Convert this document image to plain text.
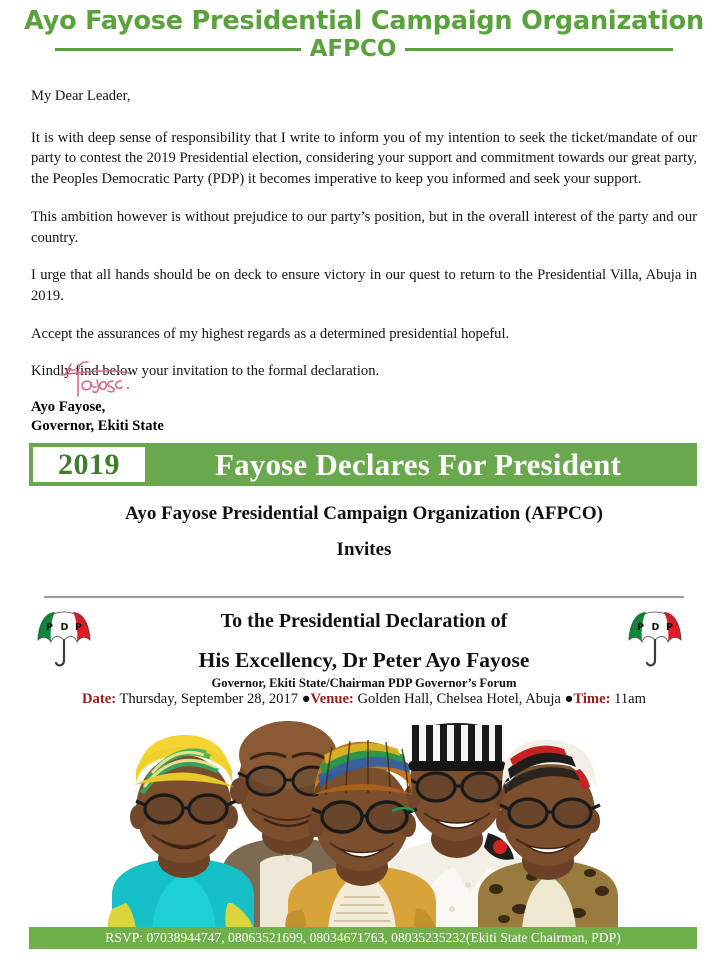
Ayo Fayose Presidential Campaign Organization
AFPCO

My Dear Leader,

It is with deep sense of responsibility that I write to inform you of my intention to seek the ticket/mandate of our party to contest the 2019 Presidential election, considering your support and commitment towards our great party, the Peoples Democratic Party (PDP) it becomes imperative to keep you informed and seek your support.

This ambition however is without prejudice to our party’s position, but in the overall interest of the party and our country.

I urge that all hands should be on deck to ensure victory in our quest to return to the Presidential Villa, Abuja in 2019.

Accept the assurances of my highest regards as a determined presidential hopeful.

Kindly find below your invitation to the formal declaration.

Ayo Fayose,
Governor, Ekiti State
2019	Fayose Declares For President
Ayo Fayose Presidential Campaign Organization (AFPCO)
Invites
P D P	P D P
To the Presidential Declaration of
His Excellency, Dr Peter Ayo Fayose
Governor, Ekiti State/Chairman PDP Governor’s Forum
Date: Thursday, September 28, 2017 ●Venue: Golden Hall, Chelsea Hotel, Abuja ●Time: 11am
RSVP: 07038944747, 08063521699, 08034671763, 08035235232(Ekiti State Chairman, PDP)
